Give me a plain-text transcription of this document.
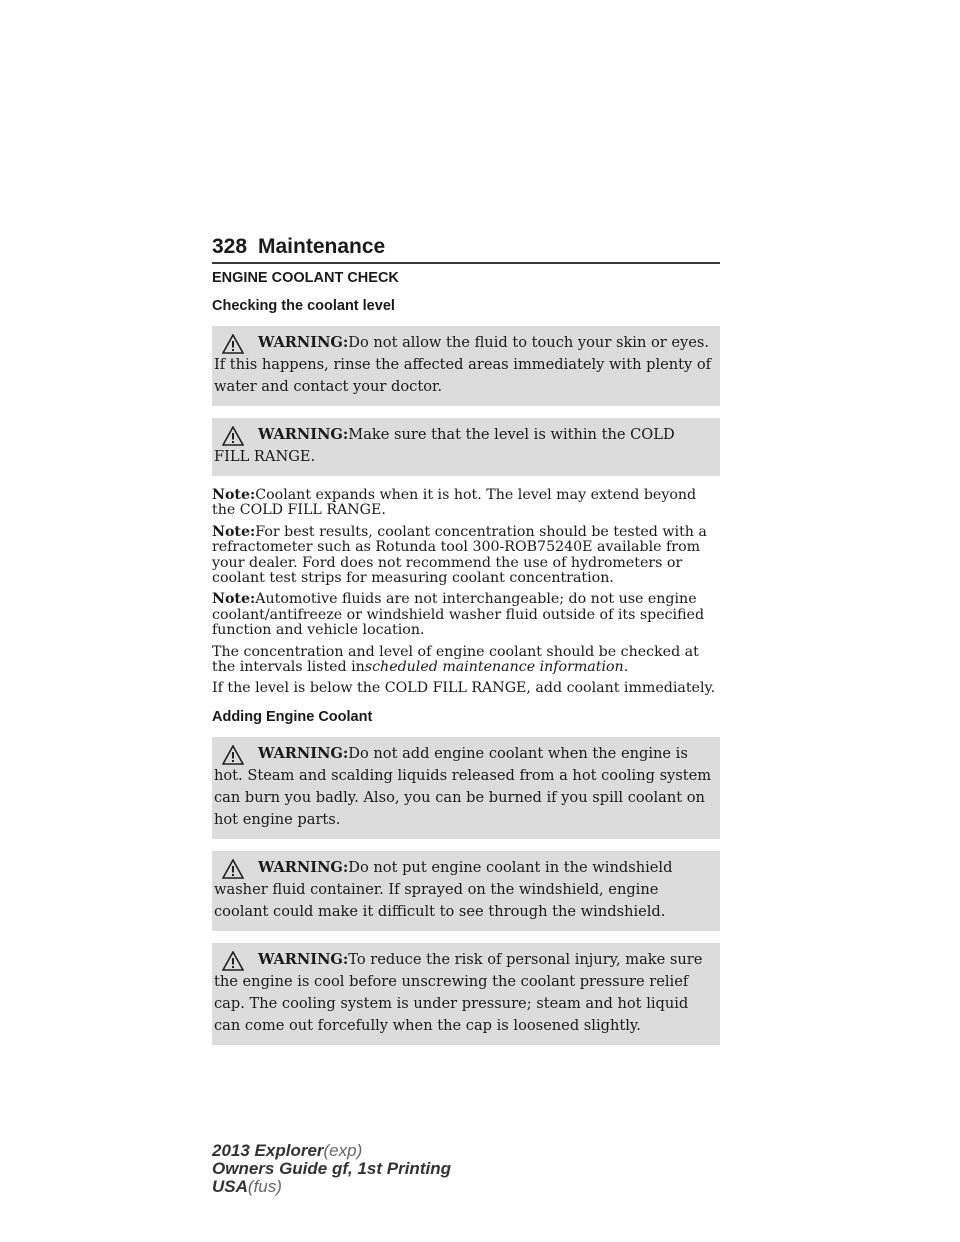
328 Maintenance
ENGINE COOLANT CHECK
Checking the coolant level
WARNING:Do not allow the fluid to touch your skin or eyes. If this happens, rinse the affected areas immediately with plenty of water and contact your doctor.
WARNING:Make sure that the level is within the COLD FILL RANGE.

Note:Coolant expands when it is hot. The level may extend beyond the COLD FILL RANGE.

Note:For best results, coolant concentration should be tested with a refractometer such as Rotunda tool 300-ROB75240E available from your dealer. Ford does not recommend the use of hydrometers or coolant test strips for measuring coolant concentration.

Note:Automotive fluids are not interchangeable; do not use engine coolant/antifreeze or windshield washer fluid outside of its specified function and vehicle location.

The concentration and level of engine coolant should be checked at the intervals listed inscheduled maintenance information.

If the level is below the COLD FILL RANGE, add coolant immediately.

Adding Engine Coolant
WARNING:Do not add engine coolant when the engine is hot. Steam and scalding liquids released from a hot cooling system can burn you badly. Also, you can be burned if you spill coolant on hot engine parts.
WARNING:Do not put engine coolant in the windshield washer fluid container. If sprayed on the windshield, engine coolant could make it difficult to see through the windshield.
WARNING:To reduce the risk of personal injury, make sure the engine is cool before unscrewing the coolant pressure relief cap. The cooling system is under pressure; steam and hot liquid can come out forcefully when the cap is loosened slightly.
2013 Explorer(exp)
Owners Guide gf, 1st Printing
USA(fus)
